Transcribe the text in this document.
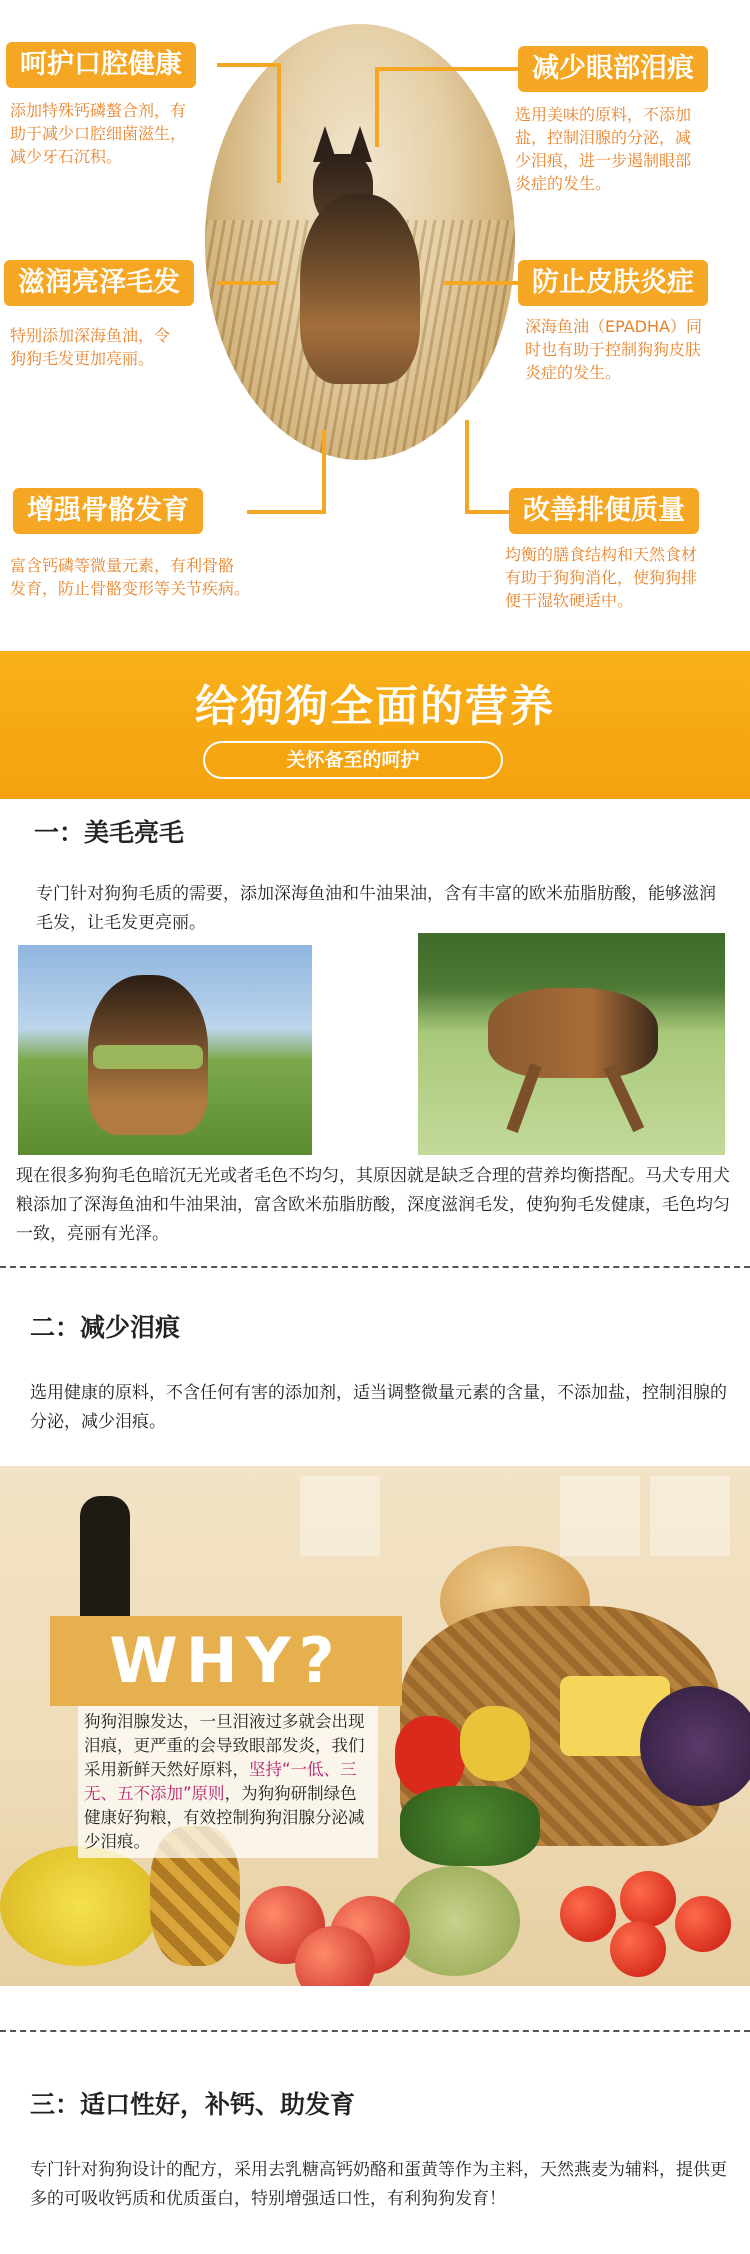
呵护口腔健康
添加特殊钙磷螯合剂，有
助于减少口腔细菌滋生，
减少牙石沉积。
减少眼部泪痕
选用美味的原料，不添加
盐，控制泪腺的分泌，减
少泪痕，进一步遏制眼部
炎症的发生。
滋润亮泽毛发
特别添加深海鱼油，令
狗狗毛发更加亮丽。
防止皮肤炎症
深海鱼油（EPADHA）同
时也有助于控制狗狗皮肤
炎症的发生。
增强骨骼发育
富含钙磷等微量元素，有利骨骼
发育，防止骨骼变形等关节疾病。
改善排便质量
均衡的膳食结构和天然食材
有助于狗狗消化，使狗狗排
便干湿软硬适中。
给狗狗全面的营养
关怀备至的呵护
一：美毛亮毛
专门针对狗狗毛质的需要，添加深海鱼油和牛油果油，含有丰富的欧米茄脂肪酸，能够滋润毛发，让毛发更亮丽。
现在很多狗狗毛色暗沉无光或者毛色不均匀，其原因就是缺乏合理的营养均衡搭配。马犬专用犬粮添加了深海鱼油和牛油果油，富含欧米茄脂肪酸，深度滋润毛发，使狗狗毛发健康，毛色均匀一致，亮丽有光泽。
二：减少泪痕
选用健康的原料，不含任何有害的添加剂，适当调整微量元素的含量，不添加盐，控制泪腺的分泌，减少泪痕。
WHY?
狗狗泪腺发达，一旦泪液过多就会出现泪痕，更严重的会导致眼部发炎，我们采用新鲜天然好原料，坚持“一低、三无、五不添加”原则，为狗狗研制绿色健康好狗粮，有效控制狗狗泪腺分泌减少泪痕。
三：适口性好，补钙、助发育
专门针对狗狗设计的配方，采用去乳糖高钙奶酪和蛋黄等作为主料，天然燕麦为辅料，提供更多的可吸收钙质和优质蛋白，特别增强适口性，有利狗狗发育！
